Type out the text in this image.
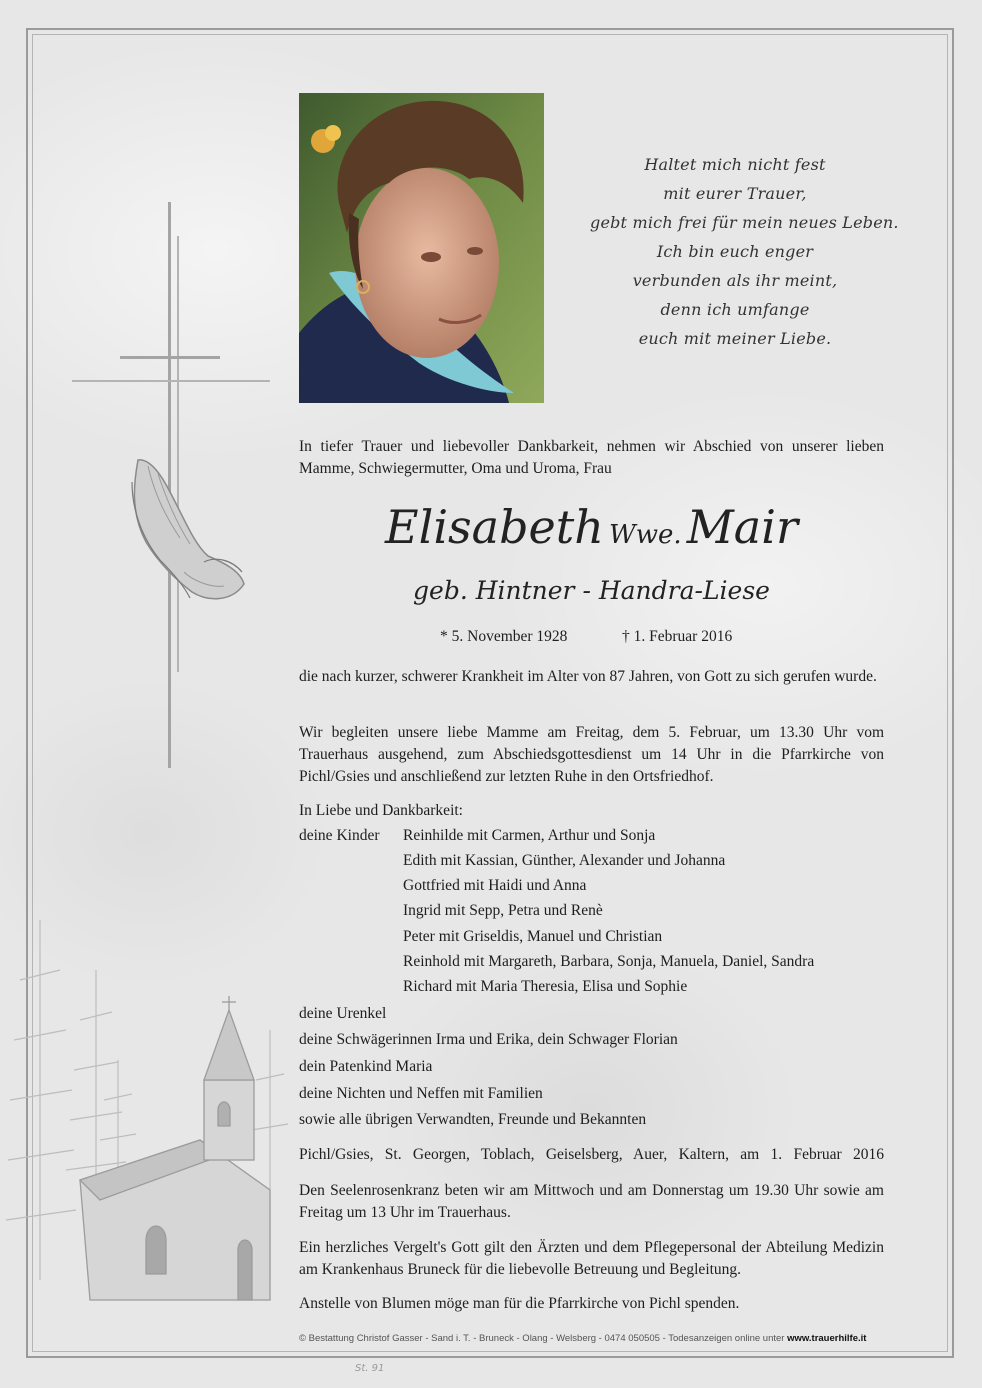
Haltet mich nicht fest
mit eurer Trauer,
gebt mich frei für mein neues Leben.
Ich bin euch enger
verbunden als ihr meint,
denn ich umfange
euch mit meiner Liebe.
In tiefer Trauer und liebevoller Dankbarkeit, nehmen wir Abschied von unserer lieben Mamme, Schwiegermutter, Oma und Uroma, Frau
Elisabeth Wwe. Mair
geb. Hintner - Handra-Liese
* 5. November 1928	† 1. Februar 2016
die nach kurzer, schwerer Krankheit im Alter von 87 Jahren, von Gott zu sich gerufen wurde.
Wir begleiten unsere liebe Mamme am Freitag, dem 5. Februar, um 13.30 Uhr vom Trauerhaus ausgehend, zum Abschiedsgottesdienst um 14 Uhr in die Pfarrkirche von Pichl/Gsies und anschließend zur letzten Ruhe in den Ortsfriedhof.
In Liebe und Dankbarkeit:
deine Kinder Reinhilde mit Carmen, Arthur und Sonja
Edith mit Kassian, Günther, Alexander und Johanna
Gottfried mit Haidi und Anna
Ingrid mit Sepp, Petra und Renè
Peter mit Griseldis, Manuel und Christian
Reinhold mit Margareth, Barbara, Sonja, Manuela, Daniel, Sandra
Richard mit Maria Theresia, Elisa und Sophie
deine Urenkel
deine Schwägerinnen Irma und Erika, dein Schwager Florian
dein Patenkind Maria
deine Nichten und Neffen mit Familien
sowie alle übrigen Verwandten, Freunde und Bekannten
Pichl/Gsies, St. Georgen, Toblach, Geiselsberg, Auer, Kaltern, am 1. Februar 2016
Den Seelenrosenkranz beten wir am Mittwoch und am Donnerstag um 19.30 Uhr sowie am Freitag um 13 Uhr im Trauerhaus.
Ein herzliches Vergelt's Gott gilt den Ärzten und dem Pflegepersonal der Abteilung Medizin am Krankenhaus Bruneck für die liebevolle Betreuung und Begleitung.
Anstelle von Blumen möge man für die Pfarrkirche von Pichl spenden.
© Bestattung Christof Gasser - Sand i. T. - Bruneck - Olang - Welsberg - 0474 050505 - Todesanzeigen online unter www.trauerhilfe.it
St. 91
